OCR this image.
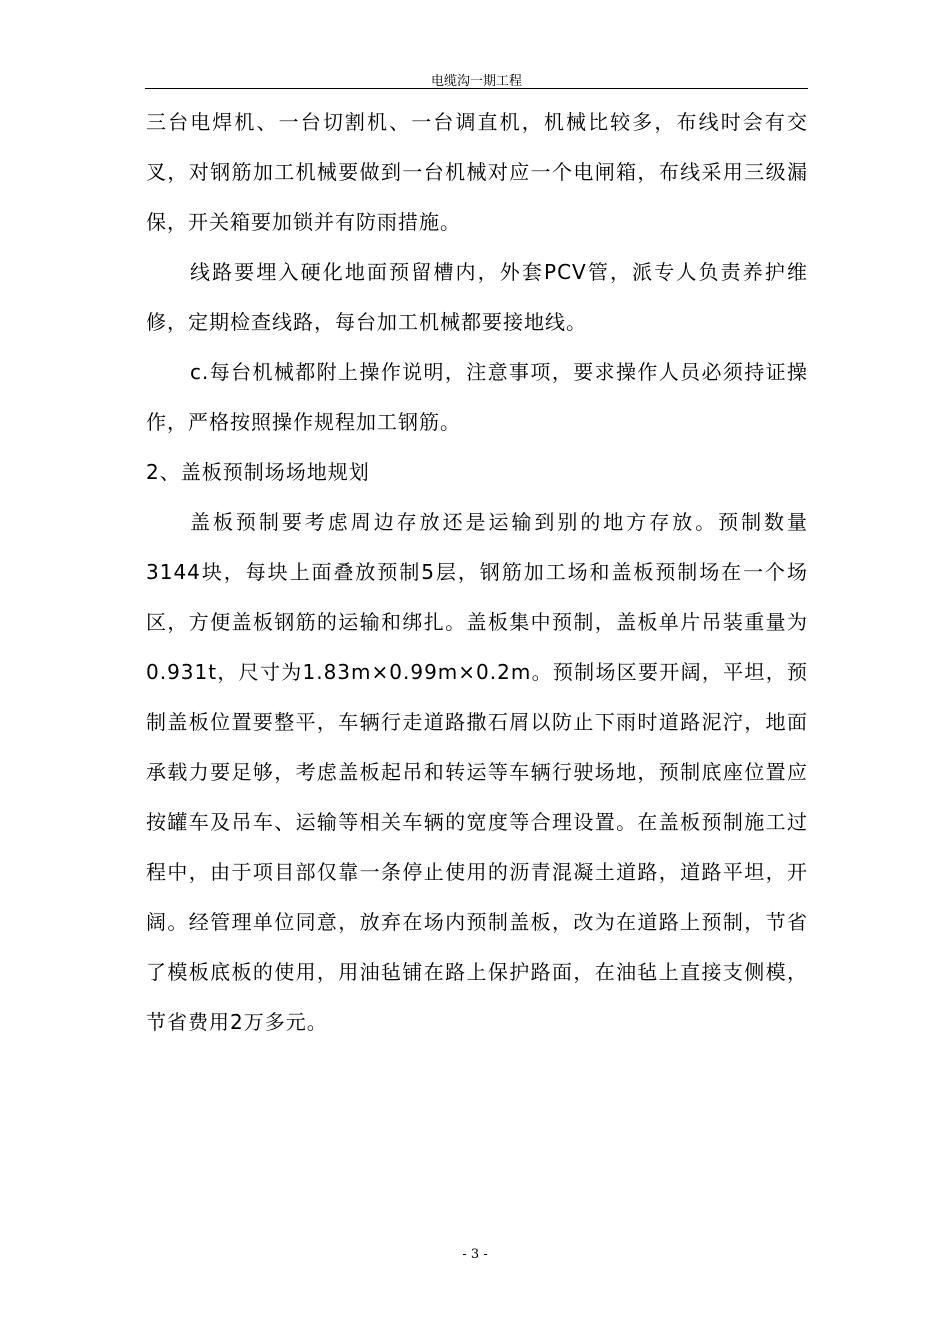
电缆沟一期工程

三台电焊机、一台切割机、一台调直机，机械比较多，布线时会有交叉，对钢筋加工机械要做到一台机械对应一个电闸箱，布线采用三级漏保，开关箱要加锁并有防雨措施。

线路要埋入硬化地面预留槽内，外套PCV管，派专人负责养护维修，定期检查线路，每台加工机械都要接地线。

c.每台机械都附上操作说明，注意事项，要求操作人员必须持证操作，严格按照操作规程加工钢筋。

2、盖板预制场场地规划

盖板预制要考虑周边存放还是运输到别的地方存放。预制数量3144块，每块上面叠放预制5层，钢筋加工场和盖板预制场在一个场区，方便盖板钢筋的运输和绑扎。盖板集中预制，盖板单片吊装重量为0.931t，尺寸为1.83m×0.99m×0.2m。预制场区要开阔，平坦，预制盖板位置要整平，车辆行走道路撒石屑以防止下雨时道路泥泞，地面承载力要足够，考虑盖板起吊和转运等车辆行驶场地，预制底座位置应按罐车及吊车、运输等相关车辆的宽度等合理设置。在盖板预制施工过程中，由于项目部仅靠一条停止使用的沥青混凝土道路，道路平坦，开阔。经管理单位同意，放弃在场内预制盖板，改为在道路上预制，节省了模板底板的使用，用油毡铺在路上保护路面，在油毡上直接支侧模，节省费用2万多元。

- 3 -
